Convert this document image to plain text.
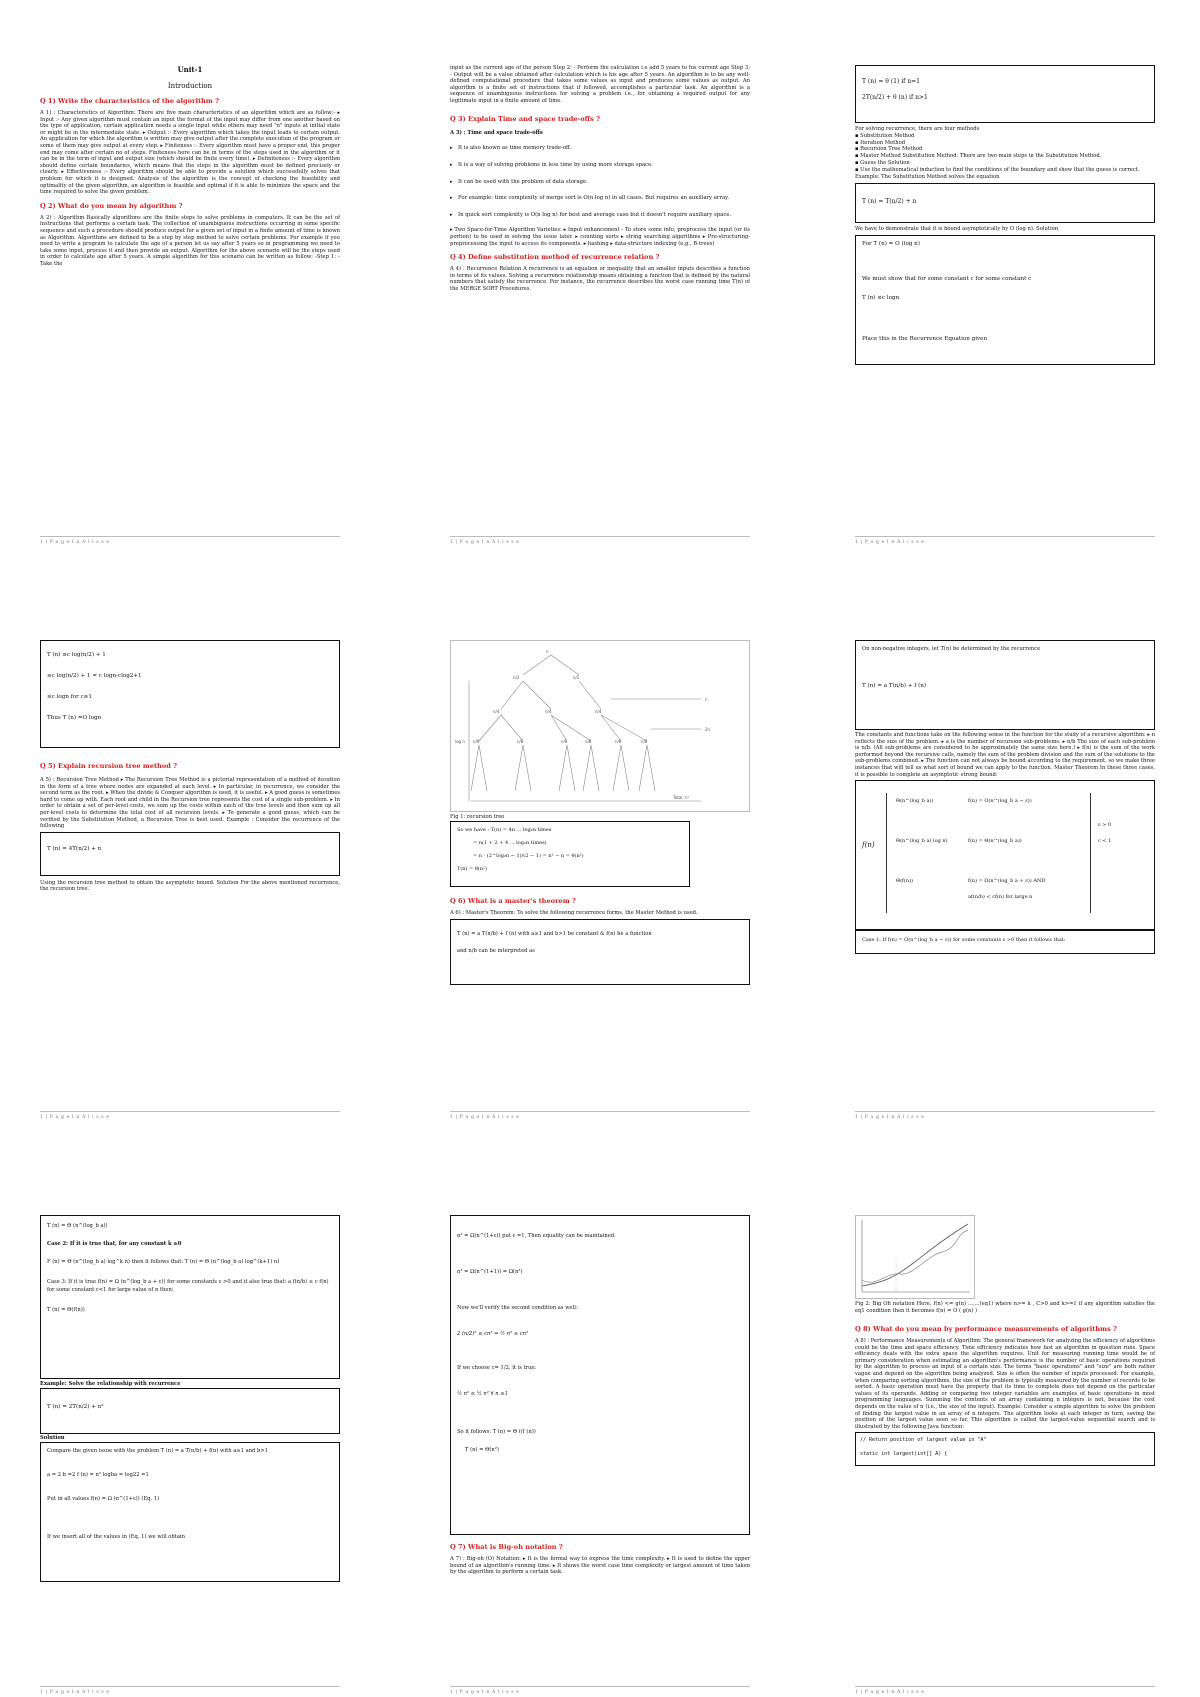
Unit-1
Introduction
Q 1) Write the characteristics of the algorithm ?
A 1) : Characteristics of Algorithm: There are five main characteristics of an algorithm which are as follow:- ▸ Input :- Any given algorithm must contain an input the format of the input may differ from one another based on the type of application, certain application needs a single input while others may need "n" inputs at initial state or might be in the intermediate state. ▸ Output :- Every algorithm which takes the input leads to certain output. An application for which the algorithm is written may give output after the complete execution of the program or some of them may give output at every step. ▸ Finiteness :- Every algorithm must have a proper end, this proper end may come after certain no of steps. Finiteness here can be in terms of the steps used in the algorithm or it can be in the term of input and output size (which should be finite every time). ▸ Definiteness :- Every algorithm should define certain boundaries, which means that the steps in the algorithm must be defined precisely or clearly. ▸ Effectiveness :- Every algorithm should be able to provide a solution which successfully solves that problem for which it is designed. Analysis of the algorithm is the concept of checking the feasibility and optimality of the given algorithm, an algorithm is feasible and optimal if it is able to minimize the space and the time required to solve the given problem.
Q 2) What do you mean by algorithm ?
A 2) : Algorithm Basically algorithms are the finite steps to solve problems in computers. It can be the set of instructions that performs a certain task. The collection of unambiguous instructions occurring in some specific sequence and such a procedure should produce output for a given set of input in a finite amount of time is known as Algorithm. Algorithms are defined to be a step by step method to solve certain problems. For example if you need to write a program to calculate the age of a person let us say after 5 years so in programming we need to take some input, process it and then provide an output. Algorithm for the above scenario will be the steps used in order to calculate age after 5 years. A simple algorithm for this scenario can be written as follow: -Step 1: - Take the
1 | P a g e I n A l i s s e
input as the current age of the person Step 2: - Perform the calculation i.e add 5 years to his current age Step 3: - Output will be a value obtained after calculation which is his age after 5 years. An algorithm is to be any well-defined computational procedure that takes some values as input and produces some values as output. An algorithm is a finite set of instructions that if followed, accomplishes a particular task. An algorithm is a sequence of unambiguous instructions for solving a problem i.e., for obtaining a required output for any legitimate input in a finite amount of time.
Q 3) Explain Time and space trade-offs ?
A 3) : Time and space trade-offs
▸ It is also known as time memory trade-off.
▸ It is a way of solving problems in less time by using more storage space.
▸ It can be used with the problem of data storage.
▸ For example: time complexity of merge sort is O(n log n) in all cases. But requires an auxiliary array.
▸ In quick sort complexity is O(n log n) for best and average case but it doesn't require auxiliary space.
▸ Two Space-for-Time Algorithm Varieties: ▸ Input enhancement - To store some info, preprocess the input (or its portion) to be used in solving the issue later. ▸ counting sorts ▸ string searching algorithms ▸ Pre-structuring-preprocessing the input to access its components. ▸ hashing ▸ data-structure indexing (e.g., B-trees)
Q 4) Define substitution method of recurrence relation ?
A 4) : Recurrence Relation A recurrence is an equation or inequality that an smaller inputs describes a function in terms of its values. Solving a recurrence relationship means obtaining a function that is defined by the natural numbers that satisfy the recurrence. For instance, the recurrence describes the worst case running time T(n) of the MERGE SORT Procedures.
1 | P a g e I n A l i s s e
T (n) = θ (1) if n=1
2T(n/2) + θ (n) if n>1
For solving recurrence, there are four methods
▪ Substitution Method
▪ Iteration Method
▪ Recursion Tree Method
▪ Master Method Substitution Method: There are two main steps in the Substitution Method.
▪ Guess the Solution
▪ Use the mathematical induction to find the conditions of the boundary and show that the guess is correct. Example: The Substitution Method solves the equation
T (n) = T(n/2) + n
We have to demonstrate that it is bound asymptotically by O (log n). Solution
For T (n) = O (log n)
We must show that for some constant c for some constant c
T (n) ≤c logn
Place this in the Recurrence Equation given
1 | P a g e I n A l i s s e
T (n) ≤c log(n/2) + 1
≤c log(n/2) + 1 = c logn-clog2+1
≤c logn for c≥1
Thus T (n) =O logn
Q 5) Explain recursion tree method ?
A 5) : Recursion Tree Method ▸ The Recursion Tree Method is a pictorial representation of a method of iteration in the form of a tree where nodes are expanded at each level. ▸ In particular, in recurrence, we consider the second term as the root. ▸ When the divide & Conquer algorithm is used, it is useful. ▸ A good guess is sometimes hard to come up with. Each root and child in the Recursion tree represents the cost of a single sub-problem. ▸ In order to obtain a set of per-level costs, we sum up the costs within each of the tree levels and then sum up all per-level costs to determine the total cost of all recursion levels. ▸ To generate a good guess, which can be verified by the Substitution Method, a Recursion Tree is best used. Example : Consider the recurrence of the following
T (n) = 4T(n/2) + n
Using the recursion tree method to obtain the asymptotic bound. Solution For the above mentioned recurrence, the recursion tree.
1 | P a g e I n A l i s s e
n
n/2	n/2
n/4	n/4	n/4
n/8	n/8	n/8	n/8	n/8	n/8
log n
n
2n
Total: n²
Fig 1: recursion tree
So we have : T(n) = 4n ... log₂n times
= n(1 + 2 + 4 ... log₂n times)
= n · (2^log₂n − 1)/(2 − 1) = n² − n = θ(n²)
T(n) = θ(n²)
Q 6) What is a master's theorem ?
A 6) : Master's Theorem: To solve the following recurrence forms, the Master Method is used.
T (n) = a T(n/b) + f (n) with a≥1 and b>1 be constant & f(n) be a function
and n/b can be interpreted as
1 | P a g e I n A l i s s e
On non-negative integers, let T(n) be determined by the recurrence
T (n) = a T(n/b) + f (n)
The constants and functions take on the following sense in the function for the study of a recursive algorithm: ▸ n reflects the size of the problem. ▸ a is the number of recursion sub-problems. ▸ n/b The size of each sub-problem is n/b. (All sub-problems are considered to be approximately the same size here.) ▸ f(n) is the sum of the work performed beyond the recursive calls, namely the sum of the problem division and the sum of the solutions to the sub-problems combined. ▸ The function can not always be bound according to the requirement, so we make three instances that will tell us what sort of bound we can apply to the function. Master Theorem In these three cases, it is possible to complete an asymptotic strong bound:
f(n)
Θ(n^(log_b a))	f(n) = O(n^(log_b a − ε))
Θ(n^(log_b a) log n)	f(n) = Θ(n^(log_b a))
Θ(f(n))	f(n) = Ω(n^(log_b a + ε)) AND
af(n/b) < cf(n) for large n
ε > 0
c < 1
Case 1: If f(n) = O(n^(log_b a − ε)) for some constants ε >0 then it follows that:
1 | P a g e I n A l i s s e
T (n) = Θ (n^(log_b a))
Case 2: If it is true that, for any constant k ≥0
F (n) = Θ (n^(log_b a) log^k n) then it follows that: T (n) = Θ (n^(log_b a) log^(k+1) n)
Case 3: If it is true f(n) = Ω (n^(log_b a + ε)) for some constants ε >0 and it also true that: a f(n/b) ≤ c f(n) for some constant c<1 for large value of n then:
T (n) = Θ(f(n))
Example: Solve the relationship with recurrence
T (n) = 2T(n/2) + n²
Solution
Compare the given issue with the problem T (n) = a T(n/b) + f(n) with a≥1 and b>1
a = 2 b =2 f (n) = n² logba = log22 =1
Put in all values f(n) = Ω (n^(1+ε)) (Eq. 1)
If we insert all of the values in (Eq. 1) we will obtain
1 | P a g e I n A l i s s e
n² = Ω(n^(1+ε)) put ε =1, Then equality can be maintained.
n² = Ω(n^(1+1)) = Ω(n²)
Now we'll verify the second condition as well:
2 (n/2)² ≤ cn² ⇒ ½ n² ≤ cn²
If we choose c= 1/2, it is true:
½ n² ≤ ½ n² ∀ n ≥1
So it follows: T (n) = Θ ((f (n))
T (n) = Θ(n²)
Q 7) What is Big-oh notation ?
A 7) : Big-oh (O) Notation: ▸ It is the formal way to express the time complexity. ▸ It is used to define the upper bound of an algorithm's running time. ▸ It shows the worst case time complexity or largest amount of time taken by the algorithm to perform a certain task.
1 | P a g e I n A l i s s e
Fig 2: Big Oh notation Here, f(n) <= g(n) .......(eq1) where n>= k , C>0 and k>=1 if any algorithm satisfies the eq1 condition then it becomes f(n) = O ( g(n) )
Q 8) What do you mean by performance measurements of algorithms ?
A 8) : Performance Measurements of Algorithm: The general framework for analyzing the efficiency of algorithms could be the time and space efficiency. Time efficiency indicates how fast an algorithm in question runs. Space efficiency deals with the extra space the algorithm requires. Unit for measuring running time would be of primary consideration when estimating an algorithm's performance is the number of basic operations required by the algorithm to process an input of a certain size. The terms "basic operations" and "size" are both rather vague and depend on the algorithm being analyzed. Size is often the number of inputs processed. For example, when comparing sorting algorithms, the size of the problem is typically measured by the number of records to be sorted. A basic operation must have the property that its time to complete does not depend on the particular values of its operands. Adding or comparing two integer variables are examples of basic operations in most programming languages. Summing the contents of an array containing n integers is not, because the cost depends on the value of n (i.e., the size of the input). Example: Consider a simple algorithm to solve the problem of finding the largest value in an array of n integers. The algorithm looks at each integer in turn, saving the position of the largest value seen so far. This algorithm is called the largest-value sequential search and is illustrated by the following Java function:
// Return position of largest value in "A"
static int largest(int[] A) {
1 | P a g e I n A l i s s e
